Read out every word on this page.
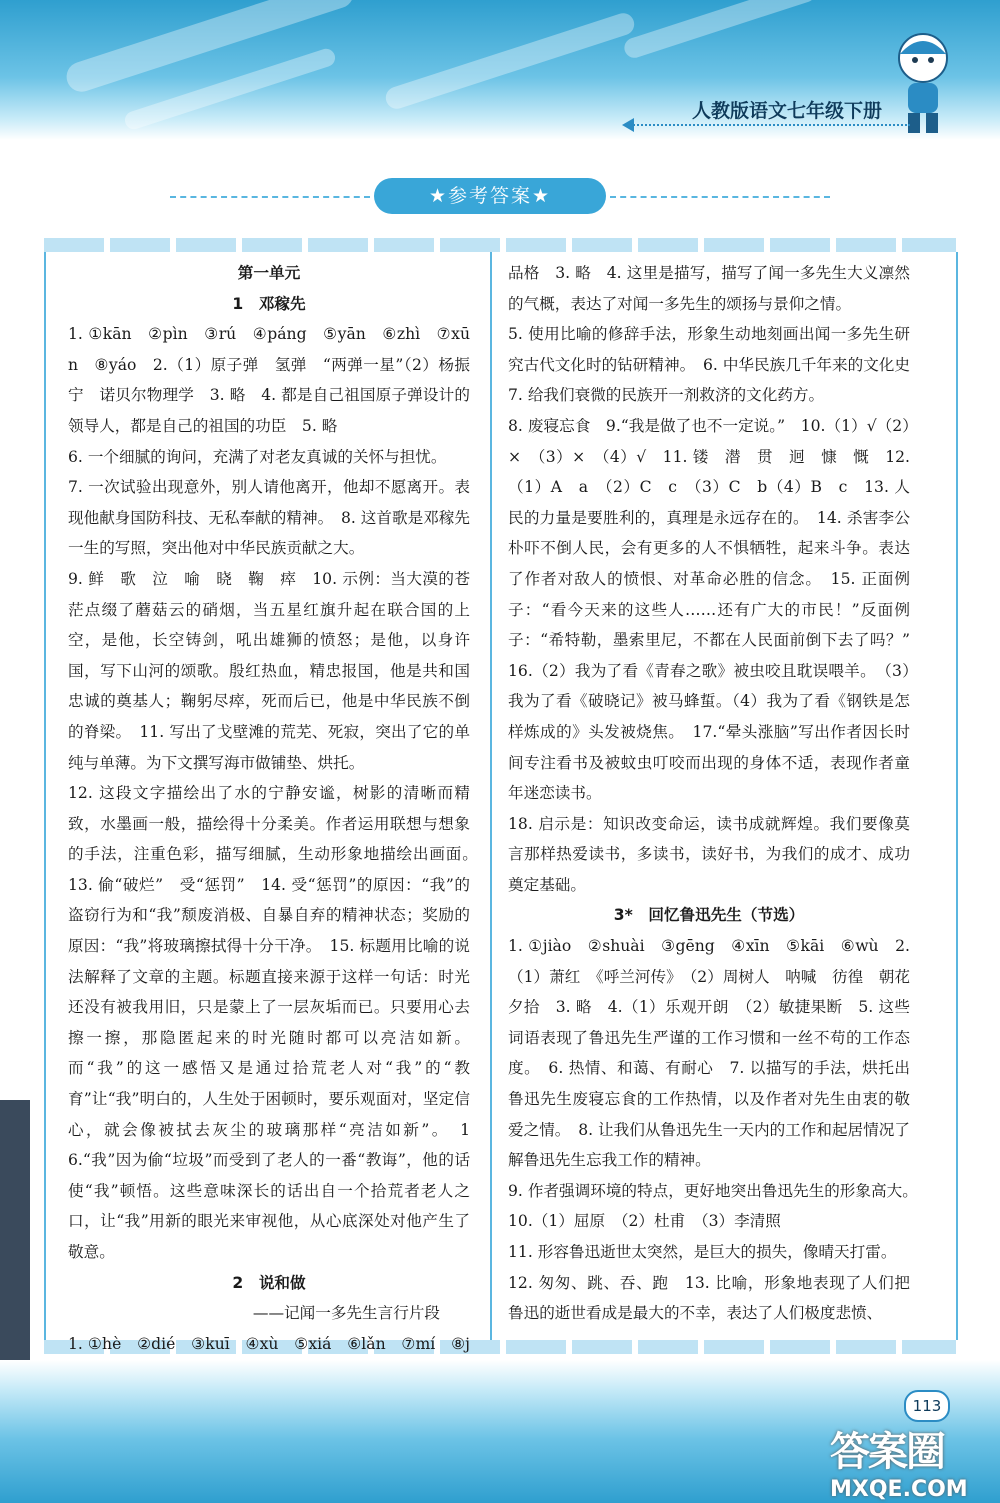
人教版语文七年级下册
★参考答案★

第一单元

1　邓稼先

1. ①kān　②pìn　③rú　④páng　⑤yān　⑥zhì　⑦xūn　⑧yáo　2.（1）原子弹　氢弹　“两弹一星”（2）杨振宁　诺贝尔物理学　3. 略　4. 都是自己祖国原子弹设计的领导人，都是自己的祖国的功臣　5. 略

6. 一个细腻的询问，充满了对老友真诚的关怀与担忧。

7. 一次试验出现意外，别人请他离开，他却不愿离开。表现他献身国防科技、无私奉献的精神。　8. 这首歌是邓稼先一生的写照，突出他对中华民族贡献之大。

9. 鲜　歌　泣　喻　晓　鞠　瘁　10. 示例：当大漠的苍茫点缀了蘑菇云的硝烟，当五星红旗升起在联合国的上空，是他，长空铸剑，吼出雄狮的愤怒；是他，以身许国，写下山河的颂歌。殷红热血，精忠报国，他是共和国忠诚的奠基人；鞠躬尽瘁，死而后已，他是中华民族不倒的脊梁。　11. 写出了戈壁滩的荒芜、死寂，突出了它的单纯与单薄。为下文撰写海市做铺垫、烘托。

12. 这段文字描绘出了水的宁静安谧，树影的清晰而精致，水墨画一般，描绘得十分柔美。作者运用联想与想象的手法，注重色彩，描写细腻，生动形象地描绘出画面。　13. 偷“破烂”　受“惩罚”　14. 受“惩罚”的原因：“我”的盗窃行为和“我”颓废消极、自暴自弃的精神状态；奖励的原因：“我”将玻璃擦拭得十分干净。　15. 标题用比喻的说法解释了文章的主题。标题直接来源于这样一句话：时光还没有被我用旧，只是蒙上了一层灰垢而已。只要用心去擦一擦，那隐匿起来的时光随时都可以亮洁如新。而“我”的这一感悟又是通过拾荒老人对“我”的“教育”让“我”明白的，人生处于困顿时，要乐观面对，坚定信心，就会像被拭去灰尘的玻璃那样“亮洁如新”。　16.“我”因为偷“垃圾”而受到了老人的一番“教诲”，他的话使“我”顿悟。这些意味深长的话出自一个拾荒者老人之口，让“我”用新的眼光来审视他，从心底深处对他产生了敬意。

2　说和做

——记闻一多先生言行片段

1. ①hè　②dié　③kuī　④xù　⑤xiá　⑥lǎn　⑦mí　⑧j　 　　　

品格　3. 略　4. 这里是描写，描写了闻一多先生大义凛然的气概，表达了对闻一多先生的颂扬与景仰之情。

5. 使用比喻的修辞手法，形象生动地刻画出闻一多先生研究古代文化时的钻研精神。　6. 中华民族几千年来的文化史　7. 给我们衰微的民族开一剂救济的文化药方。

8. 废寝忘食　9.“我是做了也不一定说。”　10.（1）√（2）×　（3）×　（4）√　11. 镂　潜　贯　迥　慷　慨　12.（1）A　a　（2）C　c　（3）C　b（4）B　c　13. 人民的力量是要胜利的，真理是永远存在的。　14. 杀害李公朴吓不倒人民，会有更多的人不惧牺牲，起来斗争。表达了作者对敌人的愤恨、对革命必胜的信念。　15. 正面例子：“看今天来的这些人……还有广大的市民！”反面例子：“希特勒，墨索里尼，不都在人民面前倒下去了吗？”　16.（2）我为了看《青春之歌》被虫咬且耽误喂羊。　（3）我为了看《破晓记》被马蜂蜇。（4）我为了看《钢铁是怎样炼成的》头发被烧焦。　17.“晕头涨脑”写出作者因长时间专注看书及被蚊虫叮咬而出现的身体不适，表现作者童年迷恋读书。

18. 启示是：知识改变命运，读书成就辉煌。我们要像莫言那样热爱读书，多读书，读好书，为我们的成才、成功奠定基础。

3*　回忆鲁迅先生（节选）

1. ①jiào　②shuài　③gēng　④xīn　⑤kāi　⑥wù　2.（1）萧红　《呼兰河传》　（2）周树人　呐喊　彷徨　朝花夕拾　3. 略　4.（1）乐观开朗　（2）敏捷果断　5. 这些词语表现了鲁迅先生严谨的工作习惯和一丝不苟的工作态度。　6. 热情、和蔼、有耐心　7. 以描写的手法，烘托出鲁迅先生废寝忘食的工作热情，以及作者对先生由衷的敬爱之情。　8. 让我们从鲁迅先生一天内的工作和起居情况了解鲁迅先生忘我工作的精神。

9. 作者强调环境的特点，更好地突出鲁迅先生的形象高大。　10.（1）屈原　（2）杜甫　（3）李清照

11. 形容鲁迅逝世太突然，是巨大的损失，像晴天打雷。

12. 匆匆、跳、吞、跑　13. 比喻，形象地表现了人们把鲁迅的逝世看成是最大的不幸，表达了人们极度悲愤、

113
答案圈
MXQE.COM
